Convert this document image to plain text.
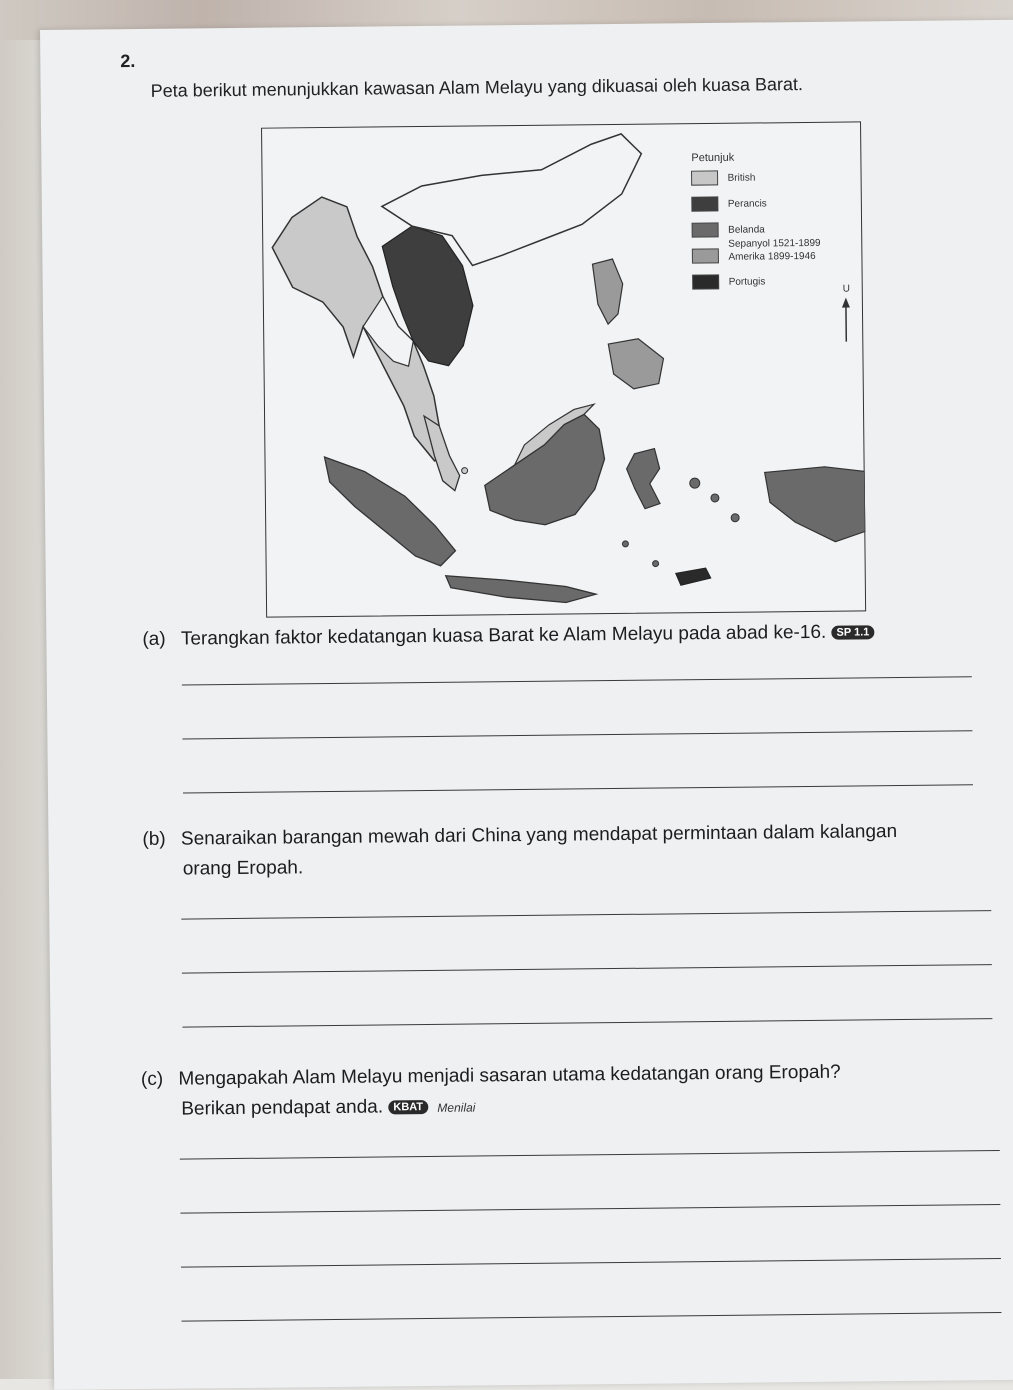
2.
Peta berikut menunjukkan kawasan Alam Melayu yang dikuasai oleh kuasa Barat.
Petunjuk
British
Perancis
Belanda
Sepanyol 1521-1899
Amerika 1899-1946
Portugis
U
(a) Terangkan faktor kedatangan kuasa Barat ke Alam Melayu pada abad ke-16. SP 1.1
(b) Senaraikan barangan mewah dari China yang mendapat permintaan dalam kalangan
orang Eropah.
(c) Mengapakah Alam Melayu menjadi sasaran utama kedatangan orang Eropah?
Berikan pendapat anda. KBAT Menilai
